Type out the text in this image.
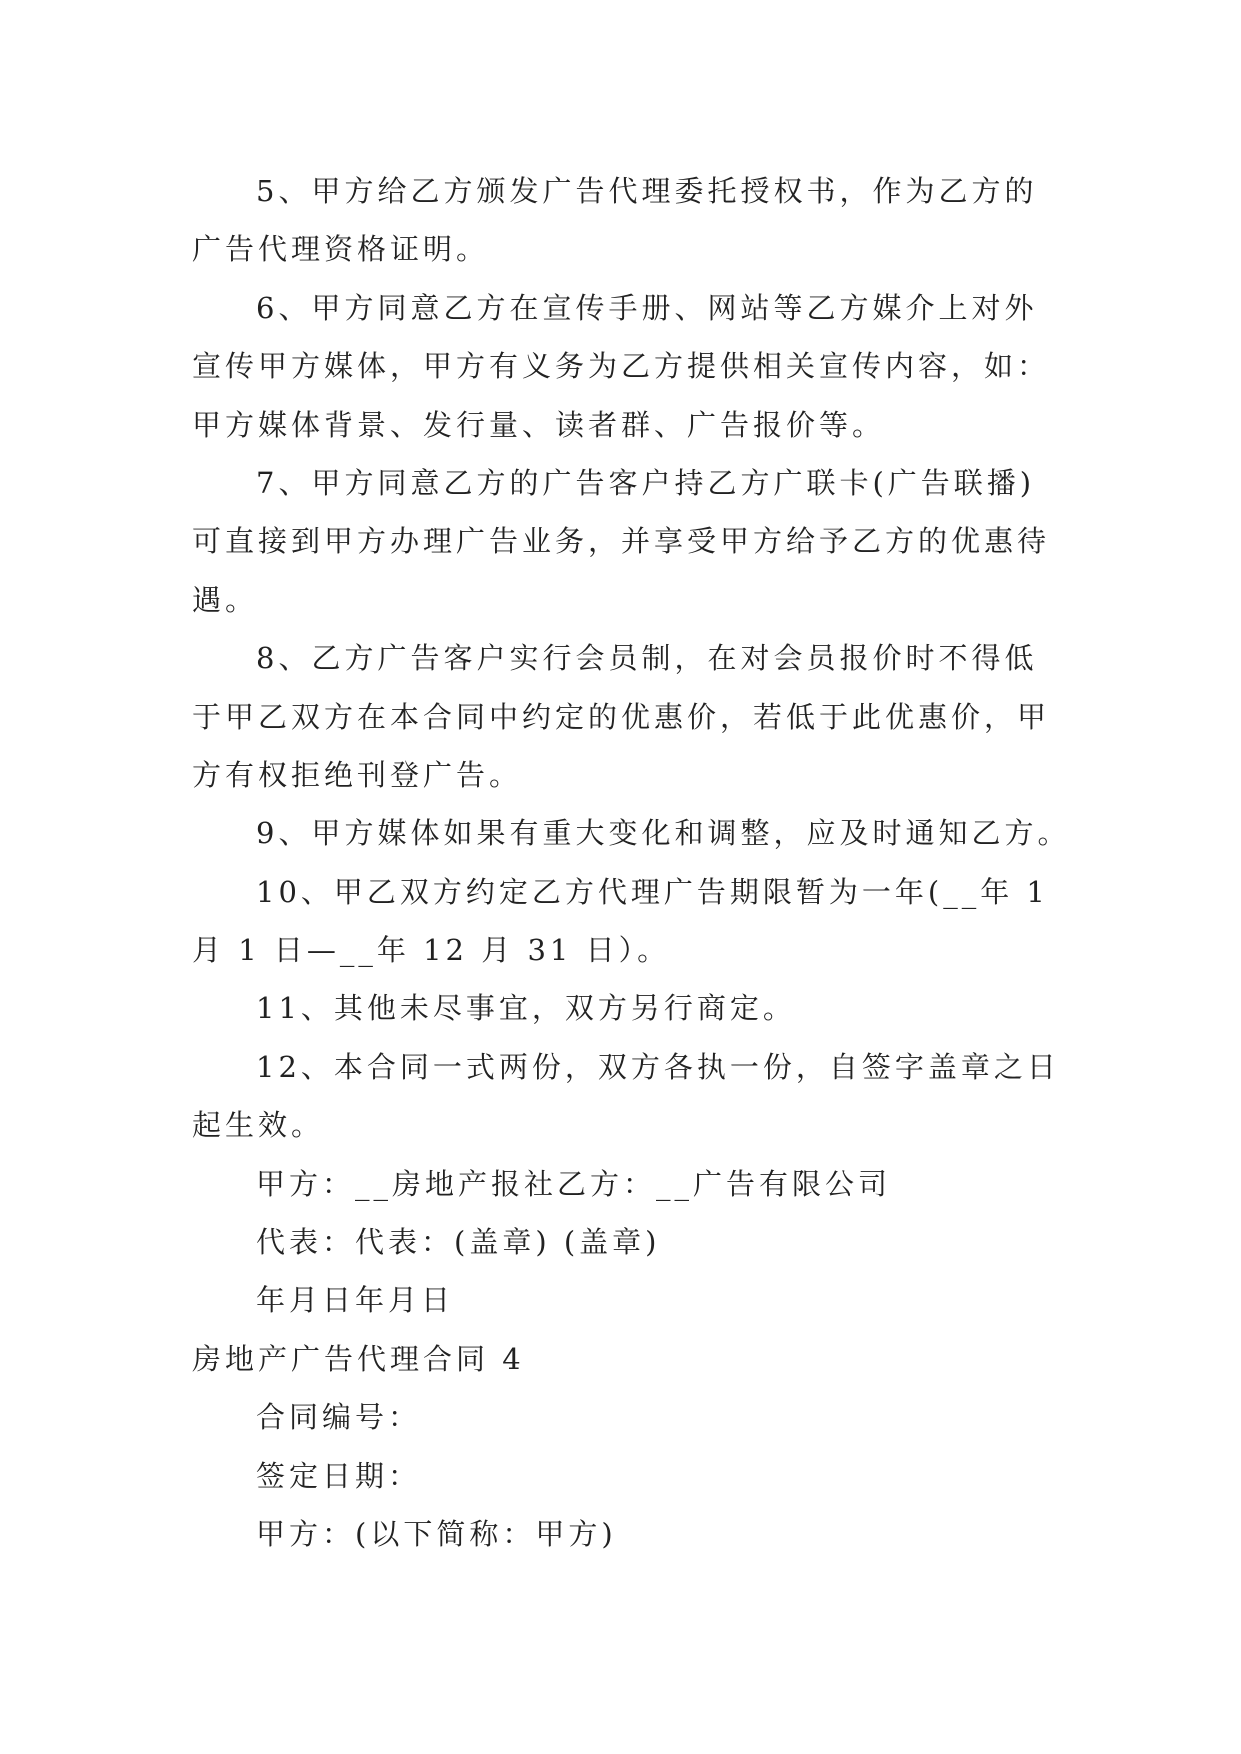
5、甲方给乙方颁发广告代理委托授权书，作为乙方的

广告代理资格证明。

6、甲方同意乙方在宣传手册、网站等乙方媒介上对外

宣传甲方媒体，甲方有义务为乙方提供相关宣传内容，如：

甲方媒体背景、发行量、读者群、广告报价等。

7、甲方同意乙方的广告客户持乙方广联卡(广告联播)

可直接到甲方办理广告业务，并享受甲方给予乙方的优惠待

遇。

8、乙方广告客户实行会员制，在对会员报价时不得低

于甲乙双方在本合同中约定的优惠价，若低于此优惠价，甲

方有权拒绝刊登广告。

9、甲方媒体如果有重大变化和调整，应及时通知乙方。

10、甲乙双方约定乙方代理广告期限暂为一年(__年 1

月 1 日—__年 12 月 31 日）。

11、其他未尽事宜，双方另行商定。

12、本合同一式两份，双方各执一份，自签字盖章之日

起生效。

甲方：__房地产报社乙方：__广告有限公司

代表：代表：(盖章) (盖章)

年月日年月日

房地产广告代理合同 4

合同编号：

签定日期：

甲方：(以下简称：甲方)
